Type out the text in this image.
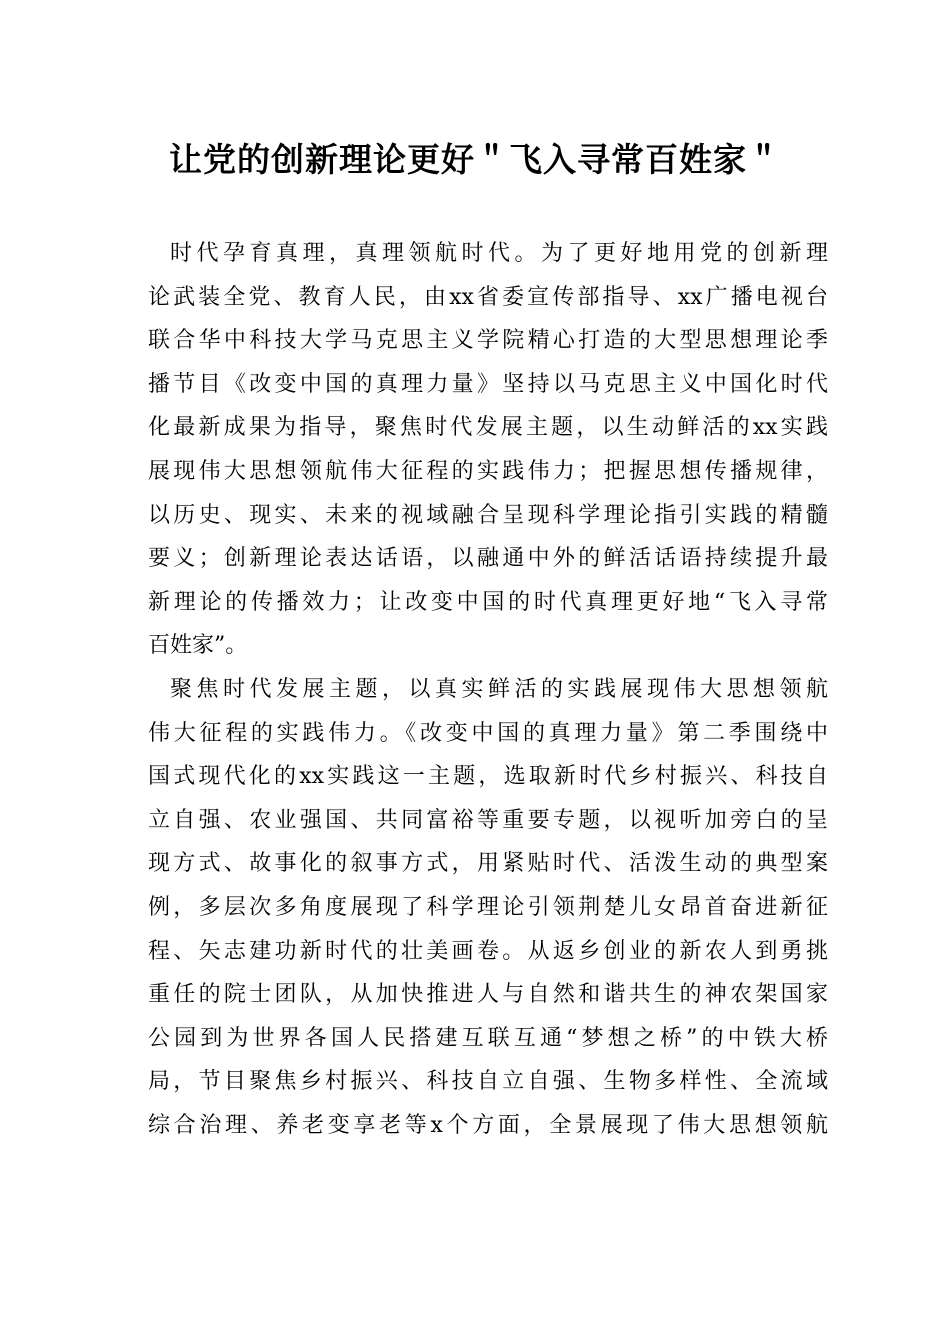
让党的创新理论更好＂飞入寻常百姓家＂
时代孕育真理，真理领航时代。为了更好地用党的创新理
论武装全党、教育人民，由xx省委宣传部指导、xx广播电视台
联合华中科技大学马克思主义学院精心打造的大型思想理论季
播节目《改变中国的真理力量》坚持以马克思主义中国化时代
化最新成果为指导，聚焦时代发展主题，以生动鲜活的xx实践
展现伟大思想领航伟大征程的实践伟力；把握思想传播规律，
以历史、现实、未来的视域融合呈现科学理论指引实践的精髓
要义；创新理论表达话语，以融通中外的鲜活话语持续提升最
新理论的传播效力；让改变中国的时代真理更好地“飞入寻常
百姓家”。
聚焦时代发展主题，以真实鲜活的实践展现伟大思想领航
伟大征程的实践伟力。《改变中国的真理力量》第二季围绕中
国式现代化的xx实践这一主题，选取新时代乡村振兴、科技自
立自强、农业强国、共同富裕等重要专题，以视听加旁白的呈
现方式、故事化的叙事方式，用紧贴时代、活泼生动的典型案
例，多层次多角度展现了科学理论引领荆楚儿女昂首奋进新征
程、矢志建功新时代的壮美画卷。从返乡创业的新农人到勇挑
重任的院士团队，从加快推进人与自然和谐共生的神农架国家
公园到为世界各国人民搭建互联互通“梦想之桥”的中铁大桥
局，节目聚焦乡村振兴、科技自立自强、生物多样性、全流域
综合治理、养老变享老等x个方面，全景展现了伟大思想领航
